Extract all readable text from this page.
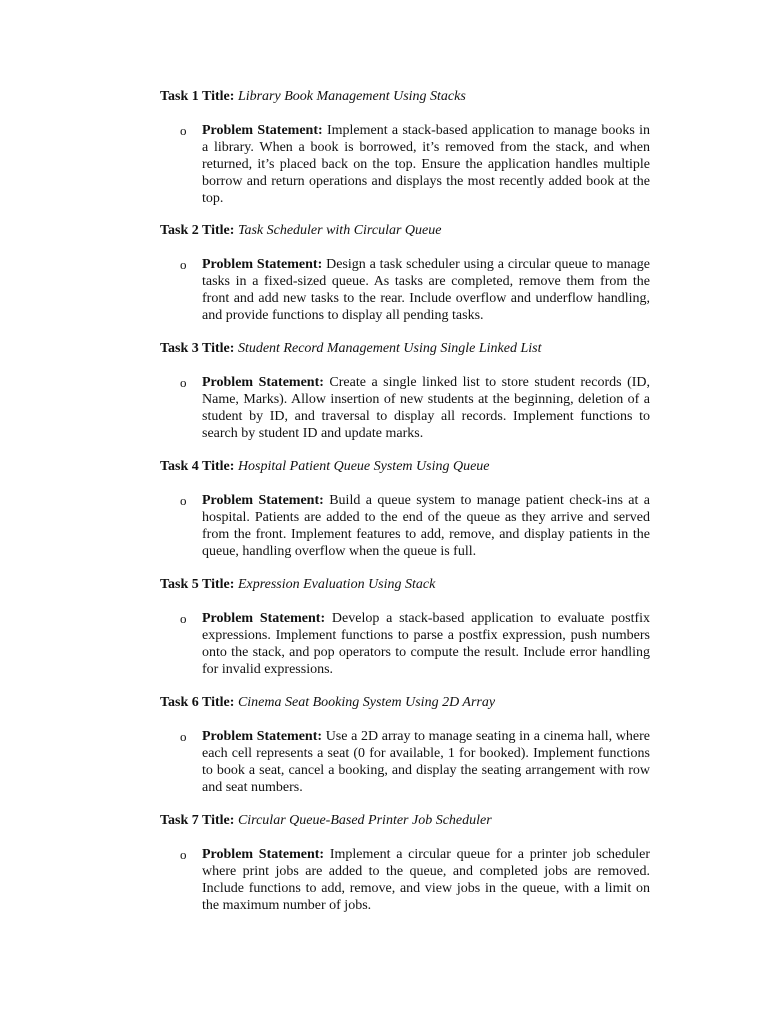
Task 1 Title: Library Book Management Using Stacks
o Problem Statement: Implement a stack-based application to manage books in a library. When a book is borrowed, it’s removed from the stack, and when returned, it’s placed back on the top. Ensure the application handles multiple borrow and return operations and displays the most recently added book at the top.
Task 2 Title: Task Scheduler with Circular Queue
o Problem Statement: Design a task scheduler using a circular queue to manage tasks in a fixed-sized queue. As tasks are completed, remove them from the front and add new tasks to the rear. Include overflow and underflow handling, and provide functions to display all pending tasks.
Task 3 Title: Student Record Management Using Single Linked List
o Problem Statement: Create a single linked list to store student records (ID, Name, Marks). Allow insertion of new students at the beginning, deletion of a student by ID, and traversal to display all records. Implement functions to search by student ID and update marks.
Task 4 Title: Hospital Patient Queue System Using Queue
o Problem Statement: Build a queue system to manage patient check-ins at a hospital. Patients are added to the end of the queue as they arrive and served from the front. Implement features to add, remove, and display patients in the queue, handling overflow when the queue is full.
Task 5 Title: Expression Evaluation Using Stack
o Problem Statement: Develop a stack-based application to evaluate postfix expressions. Implement functions to parse a postfix expression, push numbers onto the stack, and pop operators to compute the result. Include error handling for invalid expressions.
Task 6 Title: Cinema Seat Booking System Using 2D Array
o Problem Statement: Use a 2D array to manage seating in a cinema hall, where each cell represents a seat (0 for available, 1 for booked). Implement functions to book a seat, cancel a booking, and display the seating arrangement with row and seat numbers.
Task 7 Title: Circular Queue-Based Printer Job Scheduler
o Problem Statement: Implement a circular queue for a printer job scheduler where print jobs are added to the queue, and completed jobs are removed. Include functions to add, remove, and view jobs in the queue, with a limit on the maximum number of jobs.
